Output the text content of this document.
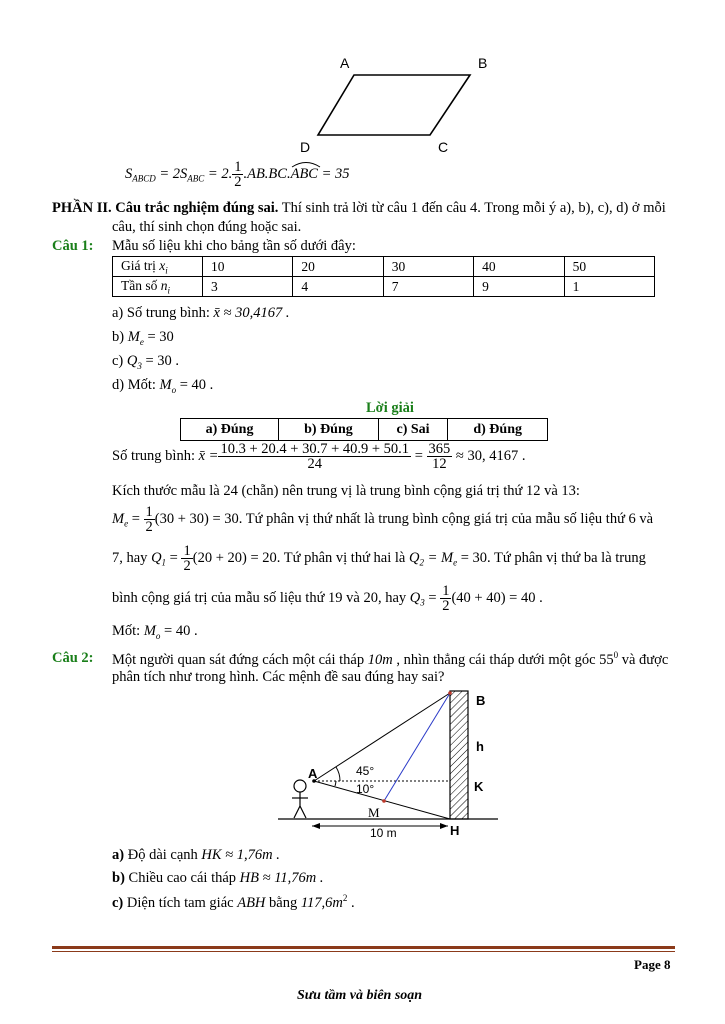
A	B
C
D
$S_{ABCD} = 2S_{ABC} = 2$. $\frac{1}{2} .AB.BC.ABC$
= 35
PHẦN II. Câu trắc nghiệm đúng sai. Thí sinh trả lời từ câu 1 đến câu 4. Trong mỗi ý a), b), c), d) ở mỗi
câu, thí sinh chọn đúng hoặc sai.
Câu 1: Mẫu số liệu khi cho bảng tần số dưới đây:
Giá trị $x_i$	10	20	30	40	50
Tần số $n_i$	3	4	7	9	1
a) Số trung bình: x̄ ≈ 30,4167 .
b) $M_e = 30$
c) $Q_3 = 30$ .
d) Mốt: $M_o = 40$ .
Lời giải
a) Đúng	b) Đúng	c) Sai	d) Đúng
Số trung bình: x̄ = $\frac{10.3 + 20.4 + 30.7 + 40.9 + 50.1}{24} = \frac{365}{12} \approx 30$, 4167 .
Kích thước mẫu là 24 (chẵn) nên trung vị là trung bình cộng giá trị thứ 12 và 13:
$M_e = \frac{1}{2} (30 + 30) = 30$. Tứ phân vị thứ nhất là trung bình cộng giá trị của mẫu số liệu thứ 6 và
7, hay $Q_1 = \frac{1}{2} (20 + 20) = 20$. Tứ phân vị thứ hai là $Q_2 = M_e = 30$. Tứ phân vị thứ ba là trung
bình cộng giá trị của mẫu số liệu thứ 19 và 20, hay $Q_3 = \frac{1}{2} (40 + 40) = 40$ .
Mốt: $M_o = 40$ .
Câu 2: Một người quan sát đứng cách một cái tháp 10m , nhìn thẳng cái tháp dưới một góc $55^0$ và được
phân tích như trong hình. Các mệnh đề sau đúng hay sai?
B
h
K
H
A
M
45°
10°
10 m
a) Độ dài cạnh HK ≈ 1,76m .
b) Chiều cao cái tháp HB ≈ 11,76m .
c) Diện tích tam giác ABH bằng $117,6m^2$ .
Page 8
Sưu tầm và biên soạn
